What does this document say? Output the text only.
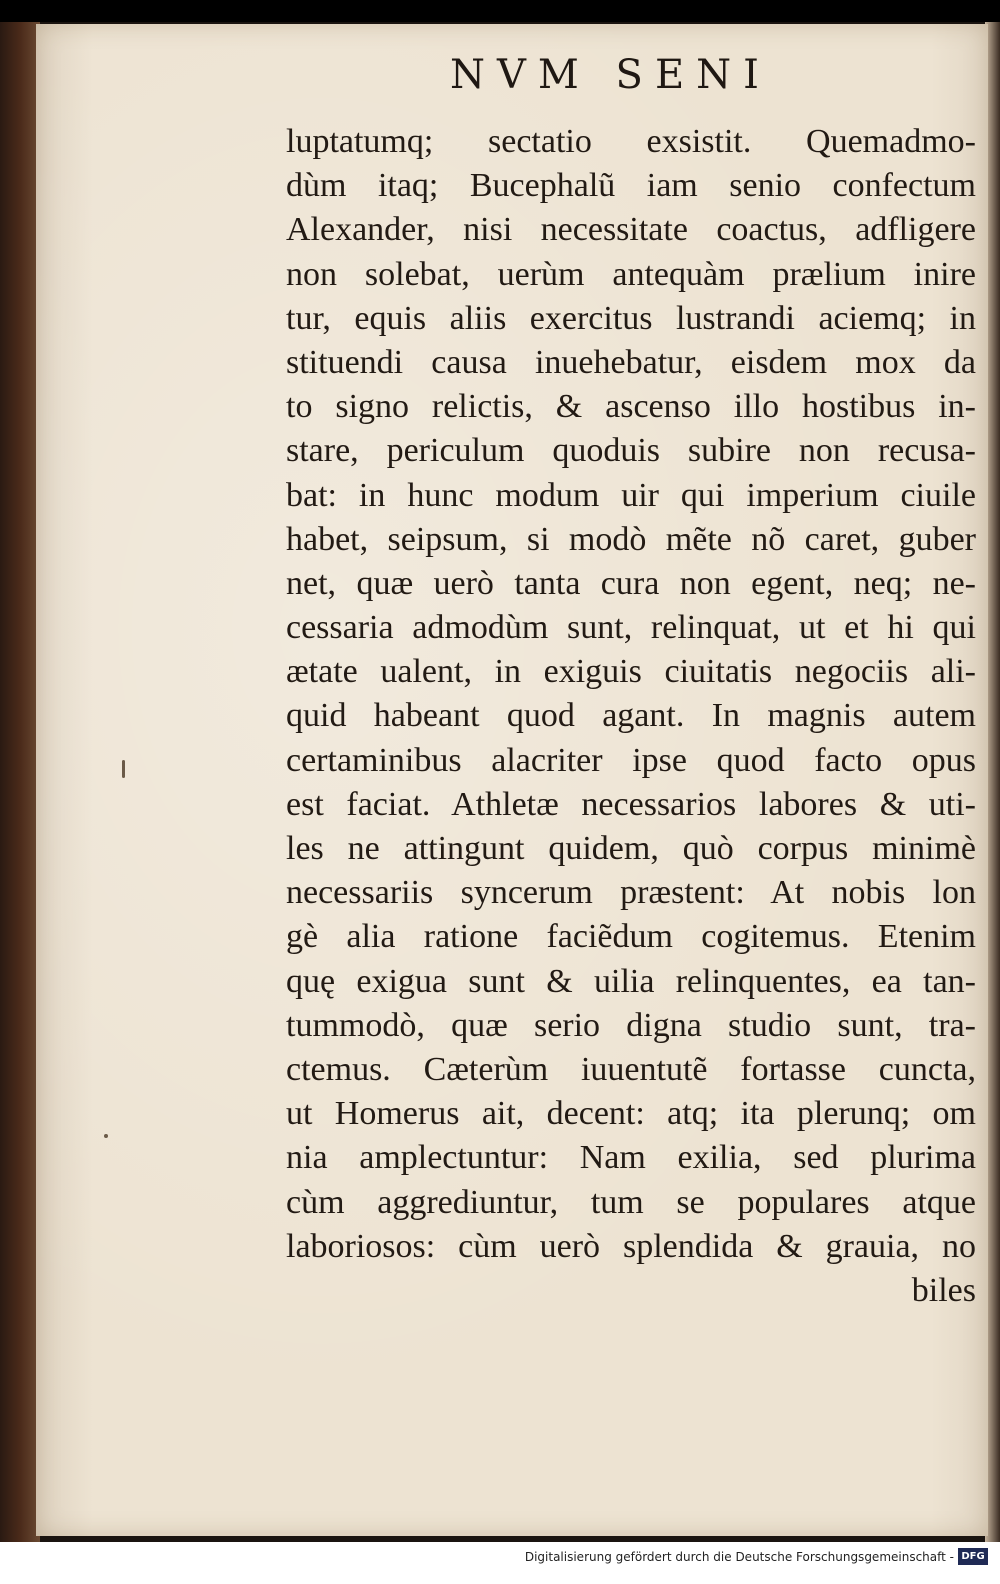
NVM SENI
luptatumq; sectatio exsistit. Quemadmo-
dùm itaq; Bucephalũ iam senio confectum
Alexander, nisi necessitate coactus, adfligere
non solebat, uerùm antequàm prælium inire
tur, equis aliis exercitus lustrandi aciemq; in
stituendi causa inuehebatur, eisdem mox da
to signo relictis, & ascenso illo hostibus in-
stare, periculum quoduis subire non recusa-
bat: in hunc modum uir qui imperium ciuile
habet, seipsum, si modò mẽte nõ caret, guber
net, quæ uerò tanta cura non egent, neq; ne-
cessaria admodùm sunt, relinquat, ut et hi qui
ætate ualent, in exiguis ciuitatis negociis ali-
quid habeant quod agant. In magnis autem
certaminibus alacriter ipse quod facto opus
est faciat. Athletæ necessarios labores & uti-
les ne attingunt quidem, quò corpus minimè
necessariis syncerum præstent: At nobis lon
gè alia ratione faciẽdum cogitemus. Etenim
quę exigua sunt & uilia relinquentes, ea tan-
tummodò, quæ serio digna studio sunt, tra-
ctemus. Cæterùm iuuentutẽ fortasse cuncta,
ut Homerus ait, decent: atq; ita plerunq; om
nia amplectuntur: Nam exilia, sed plurima
cùm aggrediuntur, tum se populares atque
laboriosos: cùm uerò splendida & grauia, no
biles
Digitalisierung gefördert durch die Deutsche Forschungsgemeinschaft - DFG
